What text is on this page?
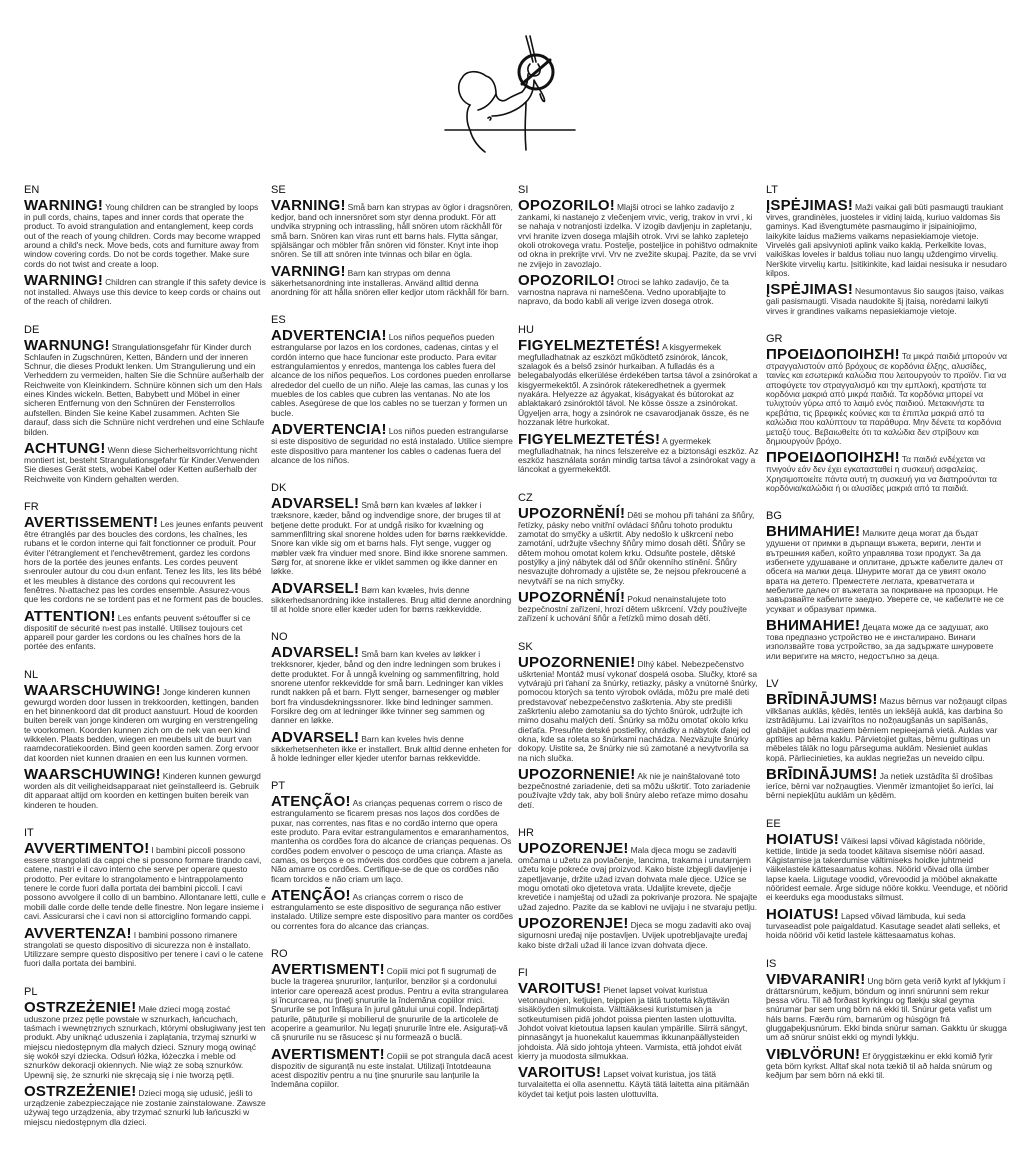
EN

WARNING! Young children can be strangled by loops in pull cords, chains, tapes and inner cords that operate the product. To avoid strangulation and entanglement, keep cords out of the reach of young children. Cords may become wrapped around a child's neck. Move beds, cots and furniture away from window covering cords. Do not be cords together. Make sure cords do not twist and create a loop.

WARNING! Children can strangle if this safety device is not installed. Always use this device to keep cords or chains out of the reach of children.

DE

WARNUNG! Strangulationsgefahr für Kinder durch Schlaufen in Zugschnüren, Ketten, Bändern und der inneren Schnur, die dieses Produkt lenken. Um Strangulierung und ein Verheddern zu vermeiden, halten Sie die Schnüre außerhalb der Reichweite von Kleinkindern. Schnüre können sich um den Hals eines Kindes wickeln. Betten, Babybett und Möbel in einer sicheren Entfernung von den Schnüren der Fensterrollos aufstellen. Binden Sie keine Kabel zusammen. Achten Sie darauf, dass sich die Schnüre nicht verdrehen und eine Schlaufe bilden.

ACHTUNG! Wenn diese Sicherheitsvorrichtung nicht montiert ist, besteht Strangulationsgefahr für Kinder.Verwenden Sie dieses Gerät stets, wobei Kabel oder Ketten außerhalb der Reichweite von Kindern gehalten werden.

FR

AVERTISSEMENT! Les jeunes enfants peuvent être étranglés par des boucles des cordons, les chaînes, les rubans et le cordon interne qui fait fonctionner ce produit. Pour éviter l'étranglement et l'enchevêtrement, gardez les cordons hors de la portée des jeunes enfants. Les cordes peuvent s›enrouler autour du cou d›un enfant. Tenez les lits, les lits bébé et les meubles à distance des cordons qui recouvrent les fenêtres. N›attachez pas les cordes ensemble. Assurez-vous que les cordons ne se tordent pas et ne forment pas de boucles.

ATTENTION! Les enfants peuvent s›étouffer si ce dispositif de sécurité n›est pas installé. Utilisez toujours cet appareil pour garder les cordons ou les chaînes hors de la portée des enfants.

NL

WAARSCHUWING! Jonge kinderen kunnen gewurgd worden door lussen in trekkoorden, kettingen, banden en het binnenkoord dat dit product aanstuurt. Houd de koorden buiten bereik van jonge kinderen om wurging en verstrengeling te voorkomen. Koorden kunnen zich om de nek van een kind wikkelen. Plaats bedden, wiegen en meubels uit de buurt van raamdecoratiekoorden. Bind geen koorden samen. Zorg ervoor dat koorden niet kunnen draaien en een lus kunnen vormen.

WAARSCHUWING! Kinderen kunnen gewurgd worden als dit veiligheidsapparaat niet geïnstalleerd is. Gebruik dit apparaat altijd om koorden en kettingen buiten bereik van kinderen te houden.

IT

AVVERTIMENTO! I bambini piccoli possono essere strangolati da cappi che si possono formare tirando cavi, catene, nastri e il cavo interno che serve per operare questo prodotto. Per evitare lo strangolamento e l›intrappolamento tenere le corde fuori dalla portata dei bambini piccoli. I cavi possono avvolgere il collo di un bambino. Allontanare letti, culle e mobili dalle corde delle tende delle finestre. Non legare insieme i cavi. Assicurarsi che i cavi non si attorciglino formando cappi.

AVVERTENZA! I bambini possono rimanere strangolati se questo dispositivo di sicurezza non è installato. Utilizzare sempre questo dispositivo per tenere i cavi o le catene fuori dalla portata dei bambini.

PL

OSTRZEŻENIE! Małe dzieci mogą zostać uduszone przez pętle powstałe w sznurkach, łańcuchach, taśmach i wewnętrznych sznurkach, którymi obsługiwany jest ten produkt. Aby uniknąć uduszenia i zaplątania, trzymaj sznurki w miejscu niedostępnym dla małych dzieci. Sznury mogą owinąć się wokół szyi dziecka. Odsuń łóżka, łóżeczka i meble od sznurków dekoracji okiennych. Nie wiąż ze sobą sznurków. Upewnij się, że sznurki nie skręcają się i nie tworzą pętli.

OSTRZEŻENIE! Dzieci mogą się udusić, jeśli to urządzenie zabezpieczające nie zostanie zainstalowane. Zawsze używaj tego urządzenia, aby trzymać sznurki lub łańcuszki w miejscu niedostępnym dla dzieci.

SE

VARNING! Små barn kan strypas av öglor i dragsnören, kedjor, band och innersnöret som styr denna produkt. För att undvika strypning och intrassling, håll snören utom räckhåll för små barn. Snören kan viras runt ett barns hals. Flytta sängar, spjälsängar och möbler från snören vid fönster. Knyt inte ihop snören. Se till att snören inte tvinnas och bilar en ögla.

VARNING! Barn kan strypas om denna säkerhetsanordning inte installeras. Använd alltid denna anordning för att hålla snören eller kedjor utom räckhåll för barn.

ES

ADVERTENCIA! Los niños pequeños pueden estrangularse por lazos en los cordones, cadenas, cintas y el cordón interno que hace funcionar este producto. Para evitar estrangulamientos y enredos, mantenga los cables fuera del alcance de los niños pequeños. Los cordones pueden enrollarse alrededor del cuello de un niño. Aleje las camas, las cunas y los muebles de los cables que cubren las ventanas. No ate los cables. Asegúrese de que los cables no se tuerzan y formen un bucle.

ADVERTENCIA! Los niños pueden estrangularse si este dispositivo de seguridad no está instalado. Utilice siempre este dispositivo para mantener los cables o cadenas fuera del alcance de los niños.

DK

ADVARSEL! Små børn kan kvæles af løkker i træksnore, kæder, bånd og indvendige snore, der bruges til at betjene dette produkt. For at undgå risiko for kvælning og sammenfiltring skal snorene holdes uden for børns rækkevidde. Snore kan vikle sig om et barns hals. Flyt senge, vugger og møbler væk fra vinduer med snore. Bind ikke snorene sammen. Sørg for, at snorene ikke er viklet sammen og ikke danner en løkke.

ADVARSEL! Børn kan kvæles, hvis denne sikkerhedsanordning ikke installeres. Brug altid denne anordning til at holde snore eller kæder uden for børns rækkevidde.

NO

ADVARSEL! Små barn kan kveles av løkker i trekksnorer, kjeder, bånd og den indre ledningen som brukes i dette produktet. For å unngå kvelning og sammenfiltring, hold snorene utenfor rekkevidde for små barn. Ledninger kan vikles rundt nakken på et barn. Flytt senger, barnesenger og møbler bort fra vindusdekningssnorer. Ikke bind ledninger sammen. Forsikre deg om at ledninger ikke tvinner seg sammen og danner en løkke.

ADVARSEL! Barn kan kveles hvis denne sikkerhetsenheten ikke er installert. Bruk alltid denne enheten for å holde ledninger eller kjeder utenfor barnas rekkevidde.

PT

ATENÇÃO! As crianças pequenas correm o risco de estrangulamento se ficarem presas nos laços dos cordões de puxar, nas correntes, nas fitas e no cordão interno que opera este produto. Para evitar estrangulamentos e emaranhamentos, mantenha os cordões fora do alcance de crianças pequenas. Os cordões podem envolver o pescoço de uma criança. Afaste as camas, os berços e os móveis dos cordões que cobrem a janela. Não amarre os cordões. Certifique-se de que os cordões não ficam torcidos e não criam um laço.

ATENÇÃO! As crianças correm o risco de estrangulamento se este dispositivo de segurança não estiver instalado. Utilize sempre este dispositivo para manter os cordões ou correntes fora do alcance das crianças.

RO

AVERTISMENT! Copiii mici pot fi sugrumați de bucle la tragerea șnururilor, lanțurilor, benzilor și a cordonului interior care operează acest produs. Pentru a evita strangularea și încurcarea, nu țineți șnururile la îndemâna copiilor mici. Șnururile se pot înfășura în jurul gâtului unui copil. Îndepărtați paturile, pătuțurile și mobilierul de șnururile de la articolele de acoperire a geamurilor. Nu legați șnururile între ele. Asigurați-vă că șnururile nu se răsucesc și nu formează o buclă.

AVERTISMENT! Copiii se pot strangula dacă acest dispozitiv de siguranță nu este instalat. Utilizați întotdeauna acest dispozitiv pentru a nu ține șnururile sau lanțurile la îndemâna copiilor.

SI

OPOZORILO! Mlajši otroci se lahko zadavijo z zankami, ki nastanejo z vlečenjem vrvic, verig, trakov in vrvi , ki se nahaja v notranjosti izdelka. V izogib davljenju in zapletanju, vrvi hranite izven dosega mlajših otrok. Vrvi se lahko zapletejo okoli otrokovega vratu. Postelje, posteljice in pohištvo odmaknite od okna in prekrijte vrvi. Vrv ne zvežite skupaj. Pazite, da se vrvi ne zvijejo in zavozlajo.

OPOZORILO! Otroci se lahko zadavijo, če ta varnostna naprava ni nameščena. Vedno uporabljajte to napravo, da bodo kabli ali verige izven dosega otrok.

HU

FIGYELMEZTETÉS! A kisgyermekek megfulladhatnak az eszközt működtető zsinórok, láncok, szalagok és a belső zsinór hurkaiban. A fulladás és a belegabalyodás elkerülése érdekében tartsa távol a zsinórokat a kisgyermekektől. A zsinórok rátekeredhetnek a gyermek nyakára. Helyezze az ágyakat, kiságyakat és bútorokat az ablaktakaró zsinóroktól távol. Ne kösse össze a zsinórokat. Ügyeljen arra, hogy a zsinórok ne csavarodjanak össze, és ne hozzanak létre hurkokat.

FIGYELMEZTETÉS! A gyermekek megfulladhatnak, ha nincs felszerelve ez a biztonsági eszköz. Az eszköz használata során mindig tartsa távol a zsinórokat vagy a láncokat a gyermekektől.

CZ

UPOZORNĚNÍ! Děti se mohou při tahání za šňůry, řetízky, pásky nebo vnitřní ovládací šňůru tohoto produktu zamotat do smyčky a uškrtit. Aby nedošlo k uškrcení nebo zamotání, udržujte všechny šňůry mimo dosah dětí. Šňůry se dětem mohou omotat kolem krku. Odsuňte postele, dětské postýlky a jiný nábytek dál od šňůr okenního stínění. Šňůry nesvazujte dohromady a ujistěte se, že nejsou překroucené a nevytváří se na nich smyčky.

UPOZORNĚNÍ! Pokud nenainstalujete toto bezpečnostní zařízení, hrozí dětem uškrcení. Vždy používejte zařízení k uchování šňůr a řetízků mimo dosah dětí.

SK

UPOZORNENIE! Dlhý kábel. Nebezpečenstvo uškrtenia! Montáž musí vykonať dospelá osoba. Slučky, ktoré sa vytvárajú pri ťahaní za šnúrky, retiazky, pásky a vnútorné šnúrky, pomocou ktorých sa tento výrobok ovláda, môžu pre malé deti predstavovať nebezpečenstvo zaškrtenia. Aby ste predišli zaškrteniu alebo zamotaniu sa do týchto šnúrok, udržujte ich mimo dosahu malých detí. Šnúrky sa môžu omotať okolo krku dieťaťa. Presuňte detské postieľky, ohrádky a nábytok ďalej od okna, kde sa roleta so šnúrkami nachádza. Nezväzujte šnúrky dokopy. Uistite sa, že šnúrky nie sú zamotané a nevytvorila sa na nich slučka.

UPOZORNENIE! Ak nie je nainštalované toto bezpečnostné zariadenie, deti sa môžu uškrtiť. Toto zariadenie používajte vždy tak, aby boli šnúry alebo reťaze mimo dosahu detí.

HR

UPOZORENJE! Mala djeca mogu se zadaviti omčama u užetu za povlačenje, lancima, trakama i unutarnjem užetu koje pokreće ovaj proizvod. Kako biste izbjegli davljenje i zapetljavanje, držite užad izvan dohvata male djece. Užice se mogu omotati oko djetetova vrata. Udaljite krevete, dječje krevetiće i namještaj od užadi za pokrivanje prozora. Ne spajajte užad zajedno. Pazite da se kablovi ne uvijaju i ne stvaraju petlju.

UPOZORENJE! Djeca se mogu zadaviti ako ovaj sigurnosni uređaj nije postavljen. Uvijek upotrebljavajte uređaj kako biste držali užad ili lance izvan dohvata djece.

FI

VAROITUS! Pienet lapset voivat kuristua vetonauhojen, ketjujen, teippien ja tätä tuotetta käyttävän sisäköyden silmukoista. Välttääksesi kuristumisen ja sotkeutumisen pidä johdot poissa pienten lasten ulottuvilta. Johdot voivat kietoutua lapsen kaulan ympärille. Siirrä sängyt, pinnasängyt ja huonekalut kauemmas ikkunanpäällysteiden johdoista. Älä sido johtoja yhteen. Varmista, että johdot eivät kierry ja muodosta silmukkaa.

VAROITUS! Lapset voivat kuristua, jos tätä turvalaitetta ei olla asennettu. Käytä tätä laitetta aina pitämään köydet tai ketjut pois lasten ulottuvilta.

LT

ĮSPĖJIMAS! Maži vaikai gali būti pasmaugti traukiant virves, grandinėles, juosteles ir vidinį laidą, kuriuo valdomas šis gaminys. Kad išvengtumėte pasmaugimo ir įsipainiojimo, laikykite laidus mažiems vaikams nepasiekiamoje vietoje. Virvelės gali apsivynioti aplink vaiko kaklą. Perkelkite lovas, vaikiškas loveles ir baldus toliau nuo langų uždengimo virvelių. Nerškite virvelių kartu. Įsitikinkite, kad laidai nesisuka ir nesudaro kilpos.

ĮSPĖJIMAS! Nesumontavus šio saugos įtaiso, vaikas gali pasismaugti. Visada naudokite šį įtaisą, norėdami laikyti virves ir grandines vaikams nepasiekiamoje vietoje.

GR

ΠΡΟΕΙΔΟΠΟΙΗΣΗ! Τα μικρά παιδιά μπορούν να στραγγαλιστούν από βρόχους σε κορδόνια έλξης, αλυσίδες, ταινίες και εσωτερικά καλώδια που λειτουργούν το προϊόν. Για να αποφύγετε τον στραγγαλισμό και την εμπλοκή, κρατήστε τα κορδόνια μακριά από μικρά παιδιά. Τα κορδόνια μπορεί να τυλιχτούν γύρω από το λαιμό ενός παιδιού. Μετακινήστε τα κρεβάτια, τις βρεφικές κούνιες και τα έπιπλα μακριά από τα καλώδια που καλύπτουν τα παράθυρα. Μην δένετε τα κορδόνια μεταξύ τους. Βεβαιωθείτε ότι τα καλώδια δεν στρίβουν και δημιουργούν βρόχο.

ΠΡΟΕΙΔΟΠΟΙΗΣΗ! Τα παιδιά ενδέχεται να πνιγούν εάν δεν έχει εγκατασταθεί η συσκευή ασφαλείας. Χρησιμοποιείτε πάντα αυτή τη συσκευή για να διατηρούνται τα κορδόνια/καλώδια ή οι αλυσίδες μακριά από τα παιδιά.

BG

ВНИМАНИЕ! Малките деца могат да бъдат удушени от примки в дърпащи въжета, вериги, ленти и вътрешния кабел, който управлява този продукт. За да избегнете удушаване и оплитане, дръжте кабелите далеч от обсега на малки деца. Шнурите могат да се увият около врата на детето. Преместете леглата, креватчетата и мебелите далеч от въжетата за покриване на прозорци. Не завързвайте кабелите заедно. Уверете се, че кабелите не се усукват и образуват примка.

ВНИМАНИЕ! Децата може да се задушат, ако това предпазно устройство не е инсталирано. Винаги използвайте това устройство, за да задържате шнуровете или веригите на място, недостъпно за деца.

LV

BRĪDINĀJUMS! Mazus bērnus var nožņaugt cilpas vilkšanas auklās, ķēdēs, lentēs un iekšējā auklā, kas darbina šo izstrādājumu. Lai izvairītos no nožņaugšanās un sapīšanās, glabājiet auklas maziem bērniem nepieejamā vietā. Auklas var aptīties ap bērna kaklu. Pārvietojiet gultas, bērnu gultiņas un mēbeles tālāk no logu pārseguma auklām. Nesieniet auklas kopā. Pārliecinieties, ka auklas negriežas un neveido cilpu.

BRĪDINĀJUMS! Ja netiek uzstādīta šī drošības ierīce, bērni var nožņaugties. Vienmēr izmantojiet šo ierīci, lai bērni nepiekļūtu auklām un ķēdēm.

EE

HOIATUS! Väikesi lapsi võivad kägistada nööride, kettide, lintide ja seda toodet käitava sisemise nööri aasad. Kägistamise ja takerdumise vältimiseks hoidke juhtmeid väikelastele kättesaamatus kohas. Nöörid võivad olla ümber lapse kaela. Liigutage voodid, võrevoodid ja mööbel aknakatte nööridest eemale. Ärge siduge nööre kokku. Veenduge, et nöörid ei keerduks ega moodustaks silmust.

HOIATUS! Lapsed võivad lämbuda, kui seda turvaseadist pole paigaldatud. Kasutage seadet alati selleks, et hoida nöörid või ketid lastele kättesaamatus kohas.

IS

VIÐVARANIR! Ung börn geta verið kyrkt af lykkjum í dráttarsnúrum, keðjum, böndum og innri snúrunni sem rekur þessa vöru. Til að forðast kyrkingu og flækju skal geyma snúrurnar þar sem ung börn ná ekki til. Snúrur geta vafist um háls barns. Færðu rúm, barnarúm og húsgögn frá gluggaþekjusnúrum. Ekki binda snúrur saman. Gakktu úr skugga um að snúrur snúist ekki og myndi lykkju.

VIÐLVÖRUN! Ef öryggistækinu er ekki komið fyrir geta börn kyrkst. Alltaf skal nota tækið til að halda snúrum og keðjum þar sem börn ná ekki til.
